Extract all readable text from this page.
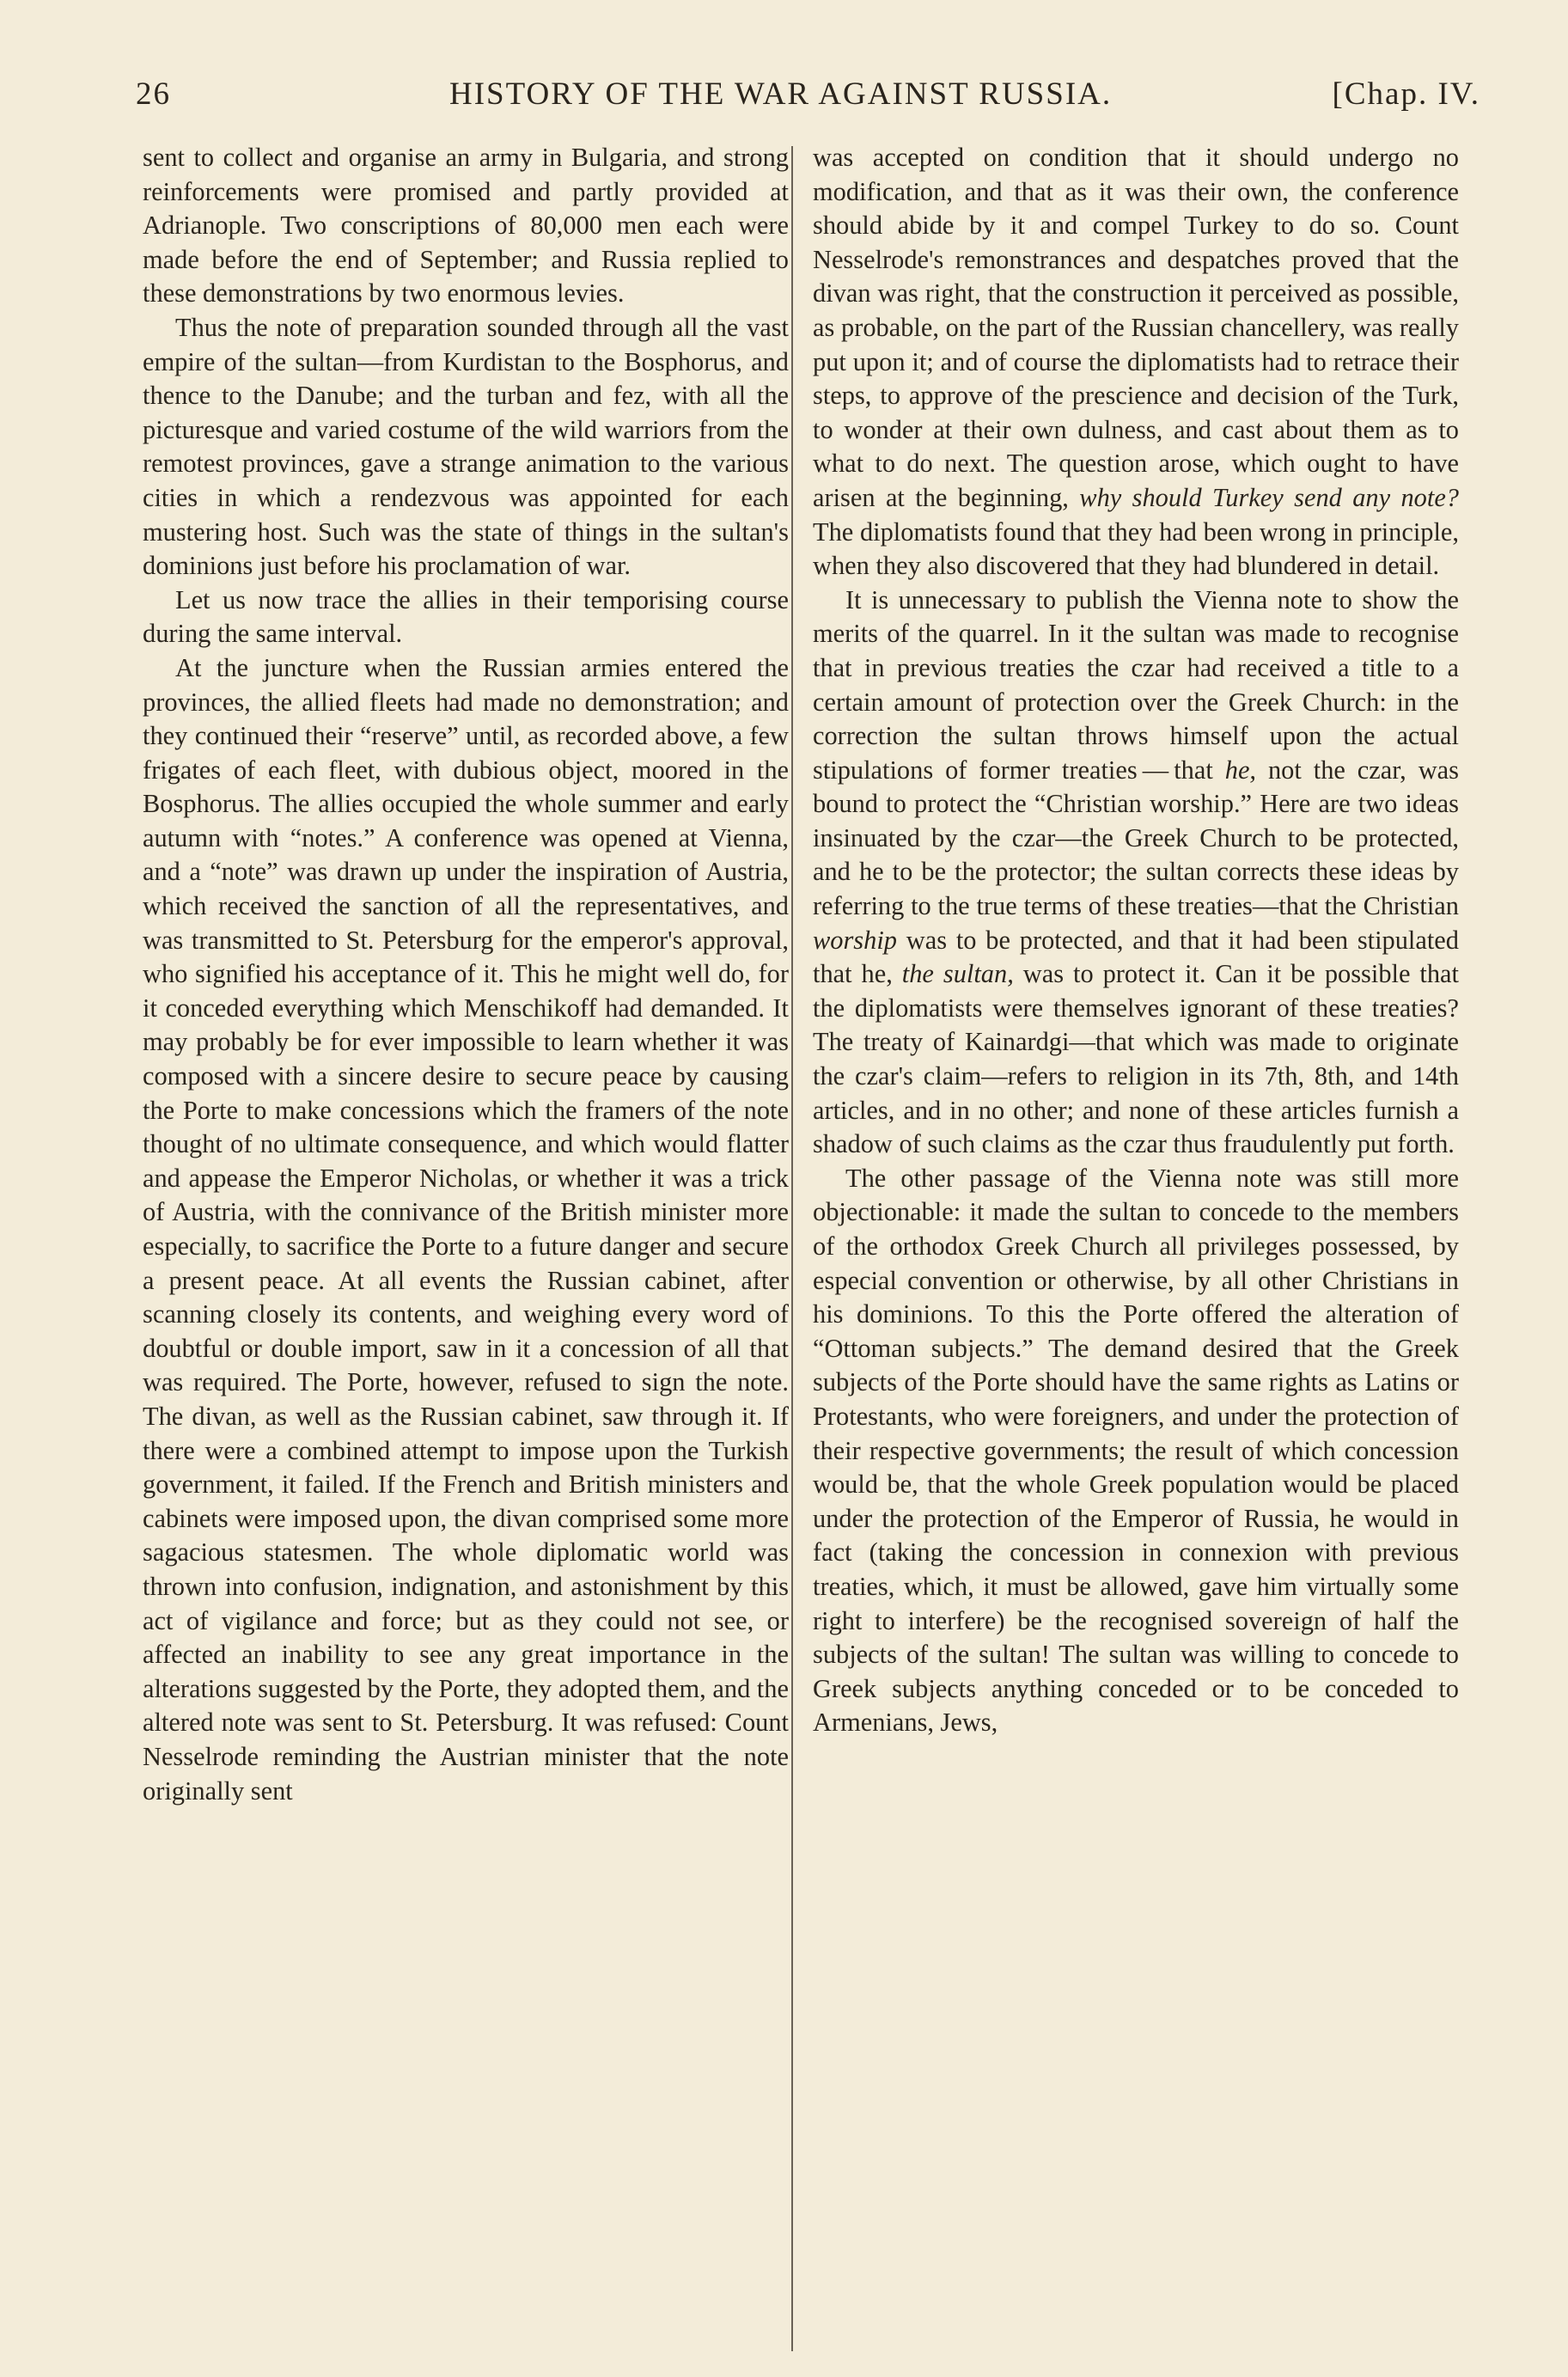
26	HISTORY OF THE WAR AGAINST RUSSIA.	[Chap. IV.

sent to collect and organise an army in Bulgaria, and strong reinforcements were promised and partly provided at Adrianople. Two conscriptions of 80,000 men each were made before the end of September; and Russia replied to these demonstrations by two enormous levies.

Thus the note of preparation sounded through all the vast empire of the sultan—from Kurdistan to the Bosphorus, and thence to the Danube; and the turban and fez, with all the picturesque and varied costume of the wild warriors from the remotest provinces, gave a strange animation to the various cities in which a rendezvous was appointed for each mustering host. Such was the state of things in the sultan's dominions just before his proclamation of war.

Let us now trace the allies in their temporising course during the same interval.

At the juncture when the Russian armies entered the provinces, the allied fleets had made no demonstration; and they continued their “reserve” until, as recorded above, a few frigates of each fleet, with dubious object, moored in the Bosphorus. The allies occupied the whole summer and early autumn with “notes.” A conference was opened at Vienna, and a “note” was drawn up under the inspiration of Austria, which received the sanction of all the representatives, and was transmitted to St. Petersburg for the emperor's approval, who signified his acceptance of it. This he might well do, for it conceded everything which Menschikoff had demanded. It may probably be for ever impossible to learn whether it was composed with a sincere desire to secure peace by causing the Porte to make concessions which the framers of the note thought of no ultimate consequence, and which would flatter and appease the Emperor Nicholas, or whether it was a trick of Austria, with the connivance of the British minister more especially, to sacrifice the Porte to a future danger and secure a present peace. At all events the Russian cabinet, after scanning closely its contents, and weighing every word of doubtful or double import, saw in it a concession of all that was required. The Porte, however, refused to sign the note. The divan, as well as the Russian cabinet, saw through it. If there were a combined attempt to impose upon the Turkish government, it failed. If the French and British ministers and cabinets were imposed upon, the divan comprised some more sagacious statesmen. The whole diplomatic world was thrown into confusion, indignation, and astonishment by this act of vigilance and force; but as they could not see, or affected an inability to see any great importance in the alterations suggested by the Porte, they adopted them, and the altered note was sent to St. Petersburg. It was refused: Count Nesselrode reminding the Austrian minister that the note originally sent

was accepted on condition that it should undergo no modification, and that as it was their own, the conference should abide by it and compel Turkey to do so. Count Nesselrode's remonstrances and despatches proved that the divan was right, that the construction it perceived as possible, as probable, on the part of the Russian chancellery, was really put upon it; and of course the diplomatists had to retrace their steps, to approve of the prescience and decision of the Turk, to wonder at their own dulness, and cast about them as to what to do next. The question arose, which ought to have arisen at the beginning, why should Turkey send any note? The diplomatists found that they had been wrong in principle, when they also discovered that they had blundered in detail.

It is unnecessary to publish the Vienna note to show the merits of the quarrel. In it the sultan was made to recognise that in previous treaties the czar had received a title to a certain amount of protection over the Greek Church: in the correction the sultan throws himself upon the actual stipulations of former treaties — that he, not the czar, was bound to protect the “Christian worship.” Here are two ideas insinuated by the czar—the Greek Church to be protected, and he to be the protector; the sultan corrects these ideas by referring to the true terms of these treaties—that the Christian worship was to be protected, and that it had been stipulated that he, the sultan, was to protect it. Can it be possible that the diplomatists were themselves ignorant of these treaties? The treaty of Kainardgi—that which was made to originate the czar's claim—refers to religion in its 7th, 8th, and 14th articles, and in no other; and none of these articles furnish a shadow of such claims as the czar thus fraudulently put forth.

The other passage of the Vienna note was still more objectionable: it made the sultan to concede to the members of the orthodox Greek Church all privileges possessed, by especial convention or otherwise, by all other Christians in his dominions. To this the Porte offered the alteration of “Ottoman subjects.” The demand desired that the Greek subjects of the Porte should have the same rights as Latins or Protestants, who were foreigners, and under the protection of their respective governments; the result of which concession would be, that the whole Greek population would be placed under the protection of the Emperor of Russia, he would in fact (taking the concession in connexion with previous treaties, which, it must be allowed, gave him virtually some right to interfere) be the recognised sovereign of half the subjects of the sultan! The sultan was willing to concede to Greek subjects anything conceded or to be conceded to Armenians, Jews,
